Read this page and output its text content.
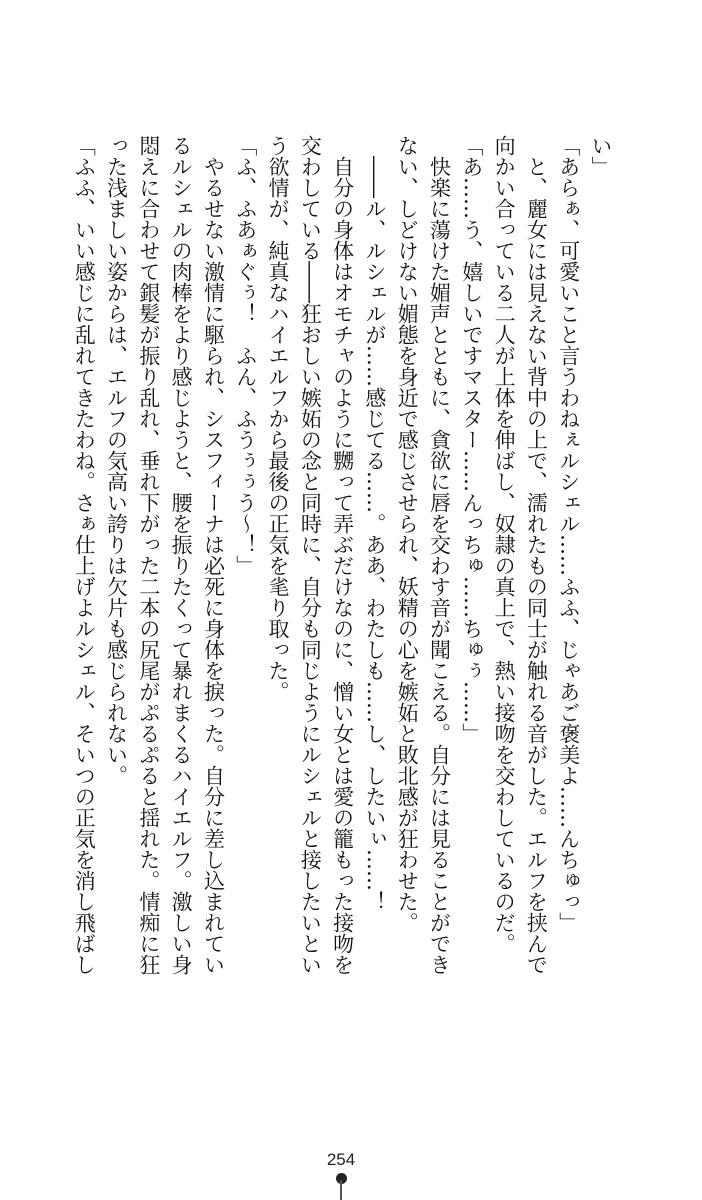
い」
「あらぁ、可愛いこと言うわねぇルシェル……ふふ、じゃあご褒美よ……んちゅっ」
　と、麗女には見えない背中の上で、濡れたもの同士が触れる音がした。エルフを挟んで
向かい合っている二人が上体を伸ばし、奴隷の真上で、熱い接吻を交わしているのだ。
「あ……う、嬉しいですマスター……んっちゅ……ちゅぅ……」
　快楽に蕩けた媚声とともに、貪欲に唇を交わす音が聞こえる。自分には見ることができ
ない、しどけない媚態を身近で感じさせられ、妖精の心を嫉妬と敗北感が狂わせた。
　――ル、ルシェルが……感じてる……。ああ、わたしも……し、したいぃ……！
　自分の身体はオモチャのように嬲って弄ぶだけなのに、憎い女とは愛の籠もった接吻を
交わしている――狂おしい嫉妬の念と同時に、自分も同じようにルシェルと接したいとい
う欲情が、純真なハイエルフから最後の正気を毟り取った。
「ふ、ふあぁぐぅ！　ふん、ふうぅぅう〜！」
　やるせない激情に駆られ、シスフィーナは必死に身体を捩った。自分に差し込まれてい
るルシェルの肉棒をより感じようと、腰を振りたくって暴れまくるハイエルフ。激しい身
悶えに合わせて銀髪が振り乱れ、垂れ下がった二本の尻尾がぷるぷると揺れた。情痴に狂
った浅ましい姿からは、エルフの気高い誇りは欠片も感じられない。
「ふふ、いい感じに乱れてきたわね。さぁ仕上げよルシェル、そいつの正気を消し飛ばし
254
